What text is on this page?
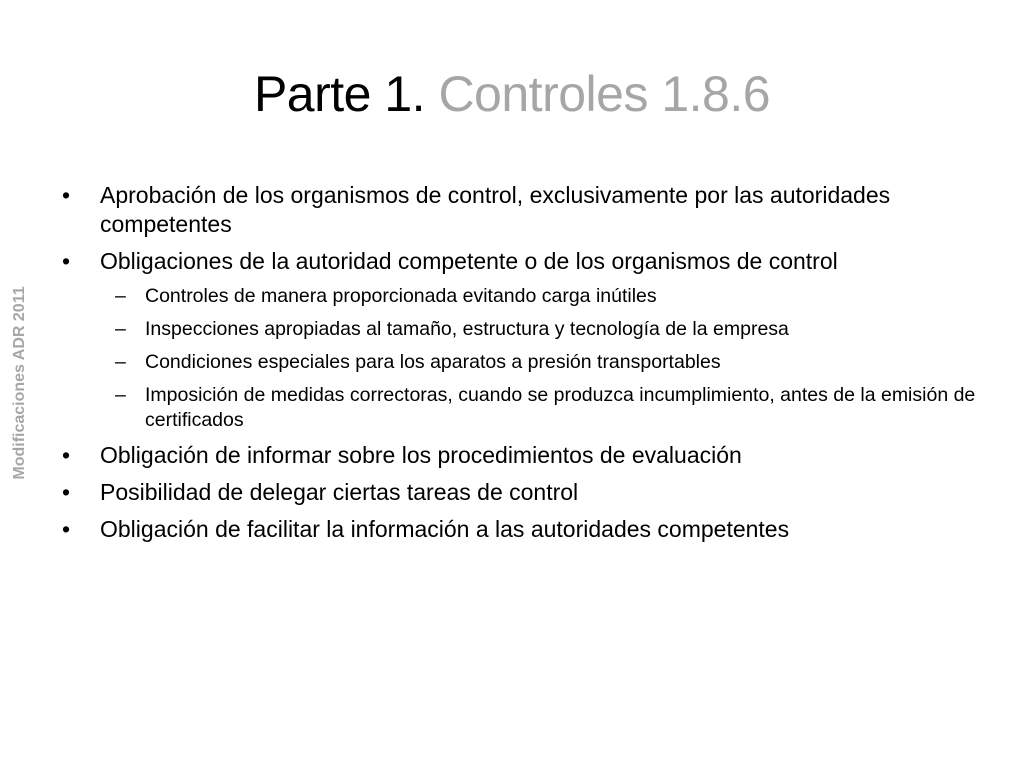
Parte 1. Controles 1.8.6
Modificaciones ADR 2011
• Aprobación de los organismos de control, exclusivamente por las autoridades competentes
• Obligaciones de la autoridad competente o de los organismos de control
– Controles de manera proporcionada evitando carga inútiles
– Inspecciones apropiadas al tamaño, estructura y tecnología de la empresa
– Condiciones especiales para los aparatos a presión transportables
– Imposición de medidas correctoras, cuando se produzca incumplimiento, antes de la emisión de certificados
• Obligación de informar sobre los procedimientos de evaluación
• Posibilidad de delegar ciertas tareas de control
• Obligación de facilitar la información a las autoridades competentes
